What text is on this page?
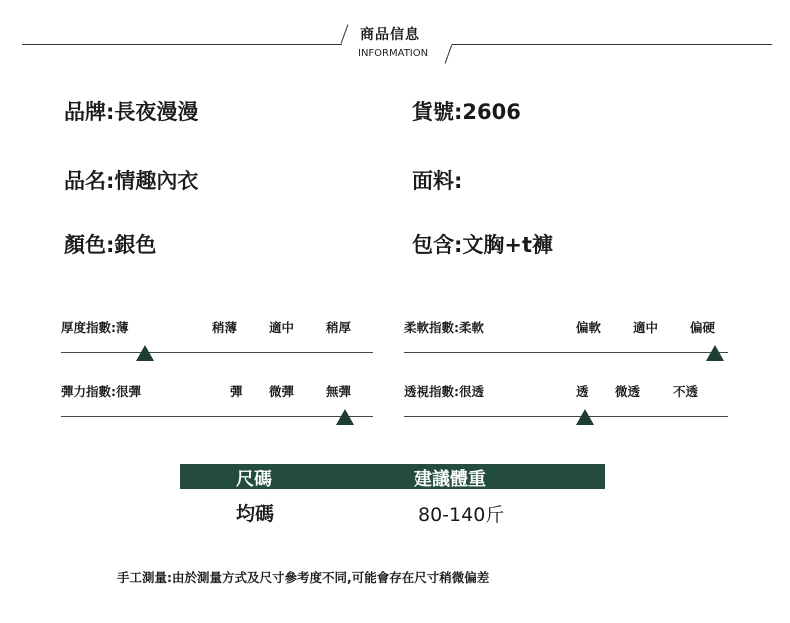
商品信息
INFORMATION
品牌:長夜漫漫	貨號:2606
品名:情趣內衣	面料:
顏色:銀色	包含:文胸+t褲
厚度指數:薄	稍薄	適中	稍厚	柔軟指數:柔軟	偏軟	適中	偏硬
彈力指數:很彈	彈 微彈	無彈	透視指數:很透	透 微透	不透
尺碼	建議體重
均碼	80-140斤
手工測量:由於測量方式及尺寸參考度不同,可能會存在尺寸稍微偏差
